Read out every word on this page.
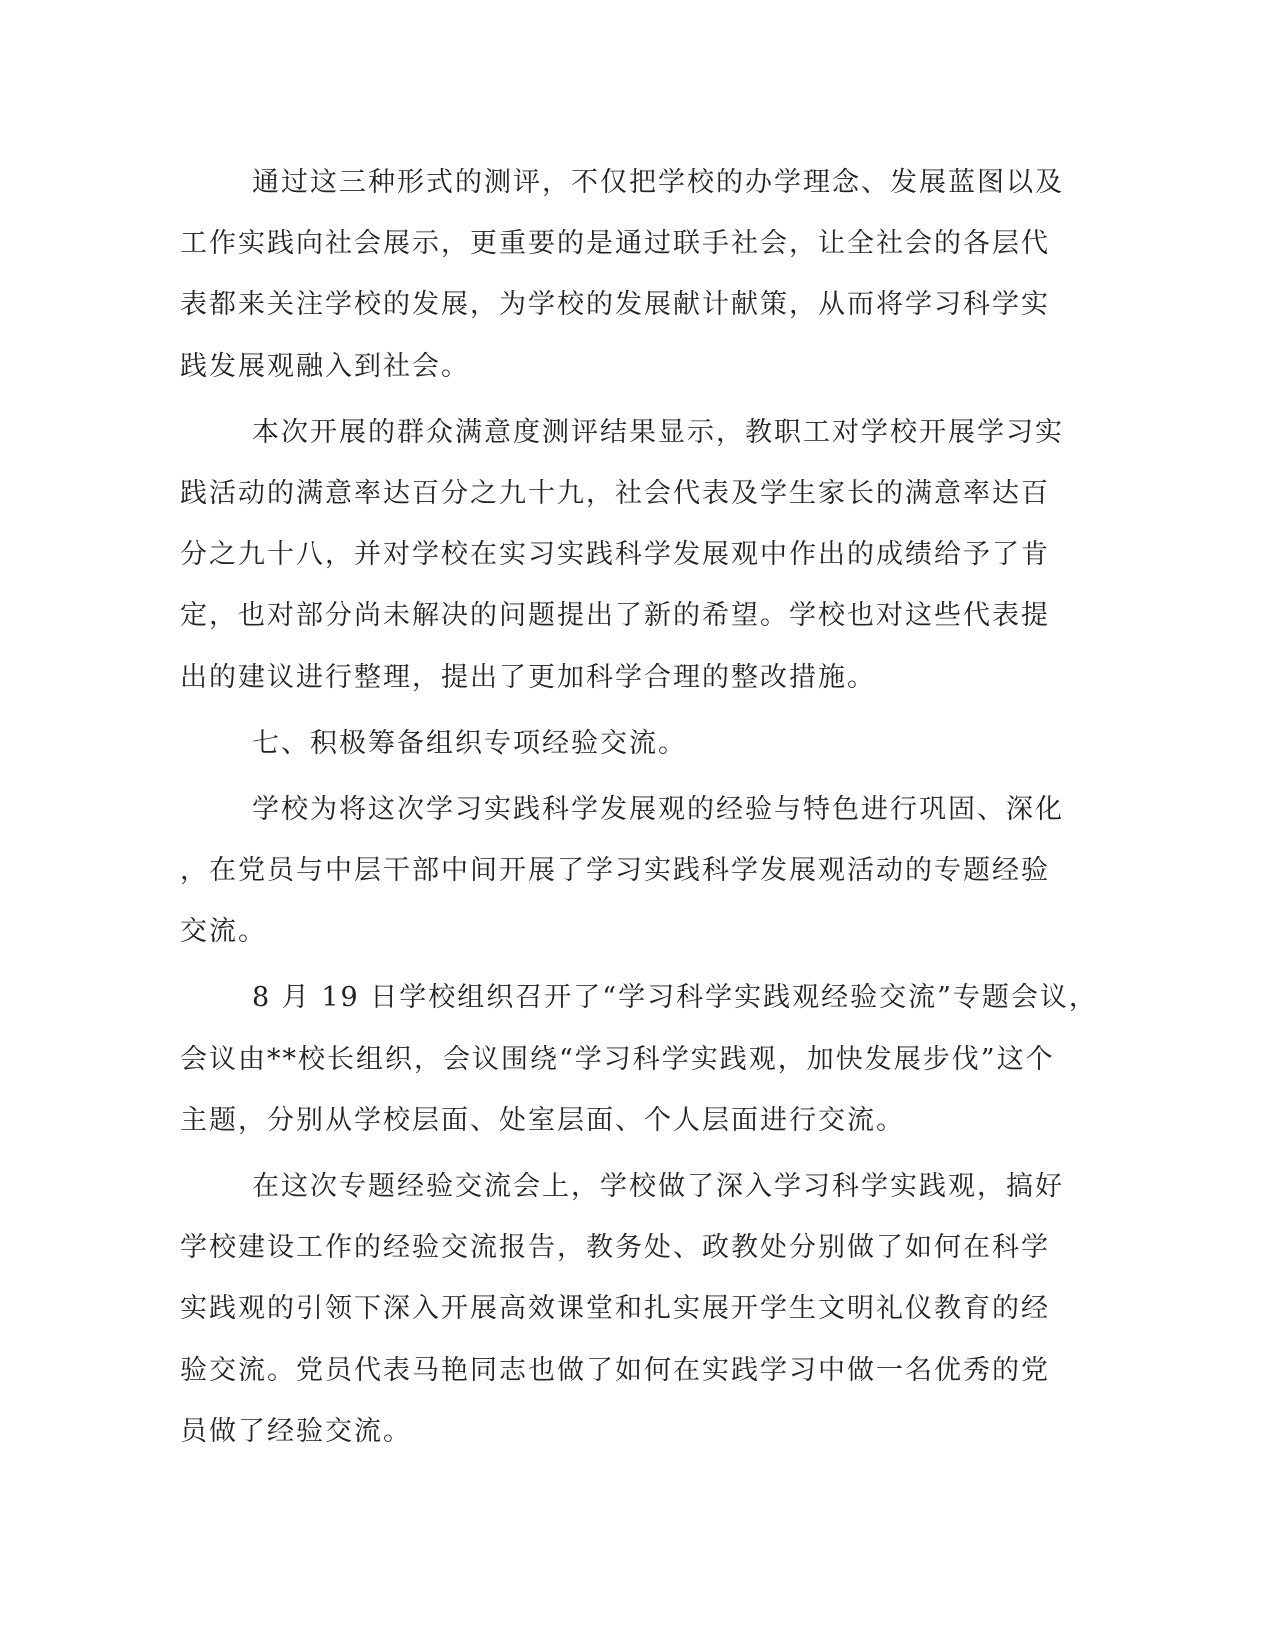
通过这三种形式的测评，不仅把学校的办学理念、发展蓝图以及
工作实践向社会展示，更重要的是通过联手社会，让全社会的各层代
表都来关注学校的发展，为学校的发展献计献策，从而将学习科学实
践发展观融入到社会。
本次开展的群众满意度测评结果显示，教职工对学校开展学习实
践活动的满意率达百分之九十九，社会代表及学生家长的满意率达百
分之九十八，并对学校在实习实践科学发展观中作出的成绩给予了肯
定，也对部分尚未解决的问题提出了新的希望。学校也对这些代表提
出的建议进行整理，提出了更加科学合理的整改措施。
七、积极筹备组织专项经验交流。
学校为将这次学习实践科学发展观的经验与特色进行巩固、深化
，在党员与中层干部中间开展了学习实践科学发展观活动的专题经验
交流。
8 月 19 日学校组织召开了“学习科学实践观经验交流”专题会议，
会议由**校长组织，会议围绕“学习科学实践观，加快发展步伐”这个
主题，分别从学校层面、处室层面、个人层面进行交流。
在这次专题经验交流会上，学校做了深入学习科学实践观，搞好
学校建设工作的经验交流报告，教务处、政教处分别做了如何在科学
实践观的引领下深入开展高效课堂和扎实展开学生文明礼仪教育的经
验交流。党员代表马艳同志也做了如何在实践学习中做一名优秀的党
员做了经验交流。
